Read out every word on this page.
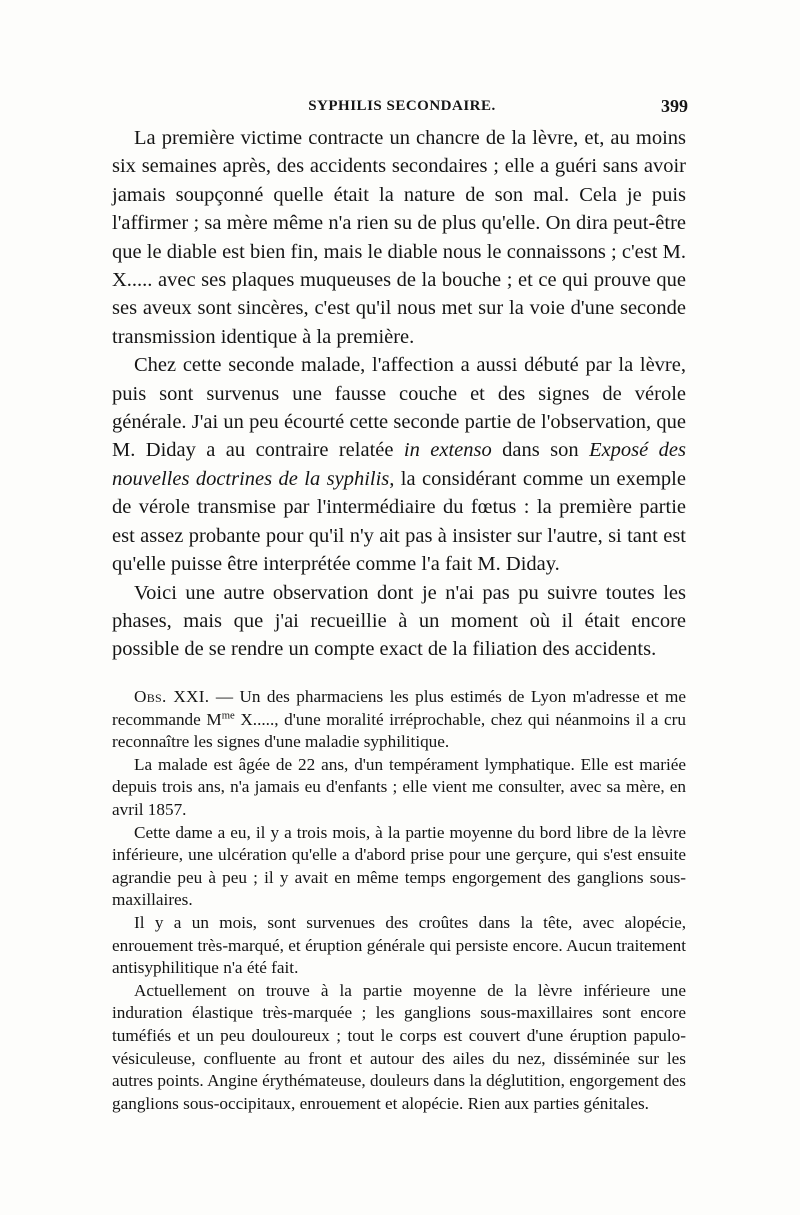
SYPHILIS SECONDAIRE.	399

La première victime contracte un chancre de la lèvre, et, au moins six semaines après, des accidents secondaires ; elle a guéri sans avoir jamais soupçonné quelle était la nature de son mal. Cela je puis l'affirmer ; sa mère même n'a rien su de plus qu'elle. On dira peut-être que le diable est bien fin, mais le diable nous le connaissons ; c'est M. X..... avec ses plaques muqueuses de la bouche ; et ce qui prouve que ses aveux sont sincères, c'est qu'il nous met sur la voie d'une seconde transmission identique à la première.

Chez cette seconde malade, l'affection a aussi débuté par la lèvre, puis sont survenus une fausse couche et des signes de vérole générale. J'ai un peu écourté cette seconde partie de l'observation, que M. Diday a au contraire relatée in extenso dans son Exposé des nouvelles doctrines de la syphilis, la considérant comme un exemple de vérole transmise par l'intermédiaire du fœtus : la première partie est assez probante pour qu'il n'y ait pas à insister sur l'autre, si tant est qu'elle puisse être interprétée comme l'a fait M. Diday.

Voici une autre observation dont je n'ai pas pu suivre toutes les phases, mais que j'ai recueillie à un moment où il était encore possible de se rendre un compte exact de la filiation des accidents.

Obs. XXI. — Un des pharmaciens les plus estimés de Lyon m'adresse et me recommande $M^{me}$ X....., d'une moralité irréprochable, chez qui néanmoins il a cru reconnaître les signes d'une maladie syphilitique.

La malade est âgée de 22 ans, d'un tempérament lymphatique. Elle est mariée depuis trois ans, n'a jamais eu d'enfants ; elle vient me consulter, avec sa mère, en avril 1857.

Cette dame a eu, il y a trois mois, à la partie moyenne du bord libre de la lèvre inférieure, une ulcération qu'elle a d'abord prise pour une gerçure, qui s'est ensuite agrandie peu à peu ; il y avait en même temps engorgement des ganglions sous-maxillaires.

Il y a un mois, sont survenues des croûtes dans la tête, avec alopécie, enrouement très-marqué, et éruption générale qui persiste encore. Aucun traitement antisyphilitique n'a été fait.

Actuellement on trouve à la partie moyenne de la lèvre inférieure une induration élastique très-marquée ; les ganglions sous-maxillaires sont encore tuméfiés et un peu douloureux ; tout le corps est couvert d'une éruption papulo-vésiculeuse, confluente au front et autour des ailes du nez, disséminée sur les autres points. Angine érythémateuse, douleurs dans la déglutition, engorgement des ganglions sous-occipitaux, enrouement et alopécie. Rien aux parties génitales.
